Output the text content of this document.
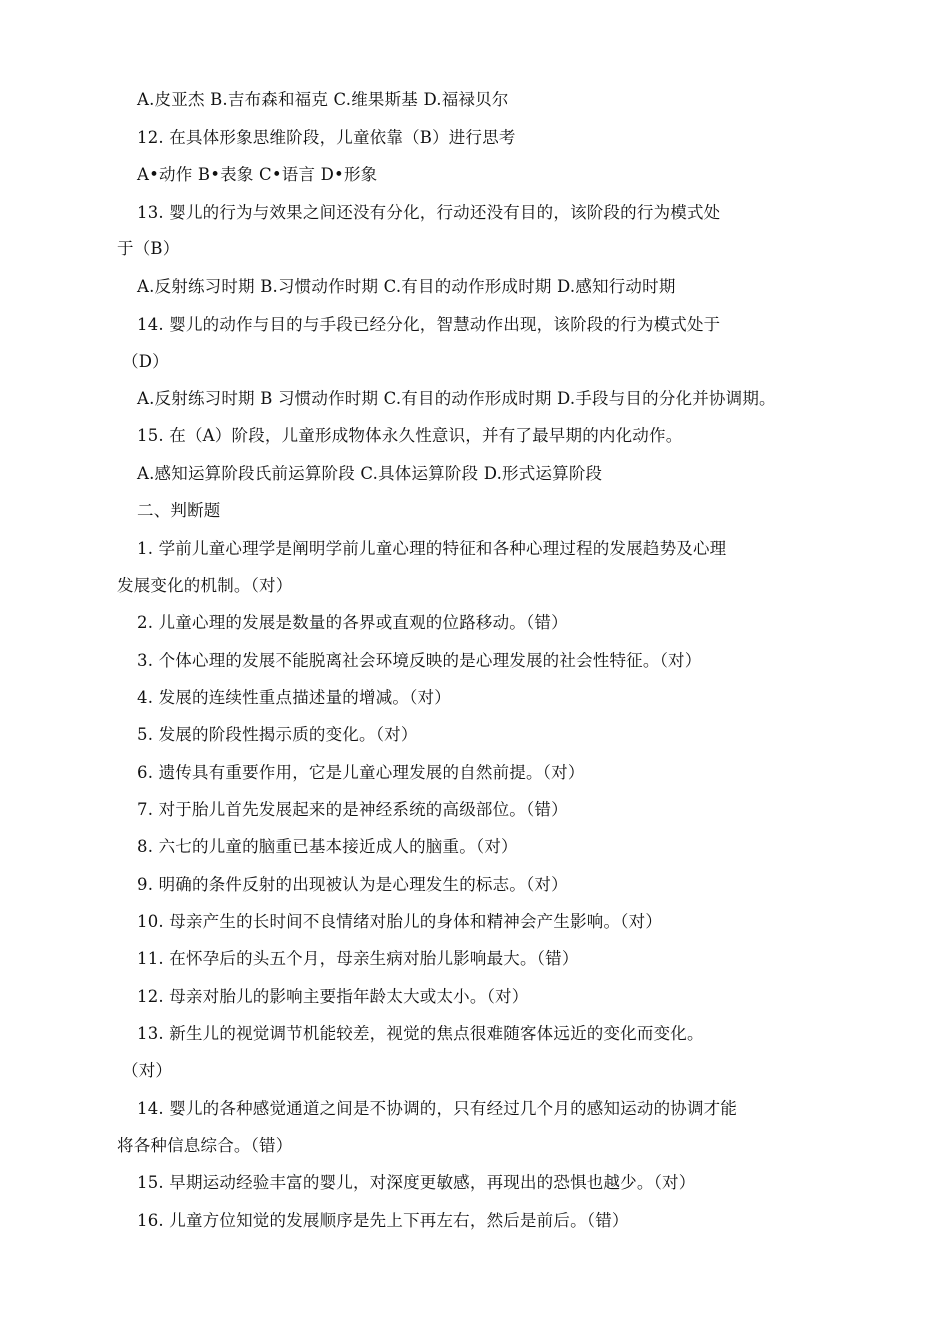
A.皮亚杰 B.吉布森和福克 C.维果斯基 D.福禄贝尔
12. 在具体形象思维阶段，儿童依靠（B）进行思考
A•动作 B•表象 C•语言 D•形象
13. 婴儿的行为与效果之间还没有分化，行动还没有目的，该阶段的行为模式处
于（B）
A.反射练习时期 B.习惯动作时期 C.有目的动作形成时期 D.感知行动时期
14. 婴儿的动作与目的与手段已经分化，智慧动作出现，该阶段的行为模式处于
（D）
A.反射练习时期 B 习惯动作时期 C.有目的动作形成时期 D.手段与目的分化并协调期。
15. 在（A）阶段，儿童形成物体永久性意识，并有了最早期的内化动作。
A.感知运算阶段氏前运算阶段 C.具体运算阶段 D.形式运算阶段
二、判断题
1. 学前儿童心理学是阐明学前儿童心理的特征和各种心理过程的发展趋势及心理
发展变化的机制。（对）
2. 儿童心理的发展是数量的各界或直观的位路移动。（错）
3. 个体心理的发展不能脱离社会环境反映的是心理发展的社会性特征。（对）
4. 发展的连续性重点描述量的增减。（对）
5. 发展的阶段性揭示质的变化。（对）
6. 遗传具有重要作用，它是儿童心理发展的自然前提。（对）
7. 对于胎儿首先发展起来的是神经系统的高级部位。（错）
8. 六七的儿童的脑重已基本接近成人的脑重。（对）
9. 明确的条件反射的出现被认为是心理发生的标志。（对）
10. 母亲产生的长时间不良情绪对胎儿的身体和精神会产生影响。（对）
11. 在怀孕后的头五个月，母亲生病对胎儿影响最大。（错）
12. 母亲对胎儿的影响主要指年龄太大或太小。（对）
13. 新生儿的视觉调节机能较差，视觉的焦点很难随客体远近的变化而变化。
（对）
14. 婴儿的各种感觉通道之间是不协调的，只有经过几个月的感知运动的协调才能
将各种信息综合。（错）
15. 早期运动经验丰富的婴儿，对深度更敏感，再现出的恐惧也越少。（对）
16. 儿童方位知觉的发展顺序是先上下再左右，然后是前后。（错）
